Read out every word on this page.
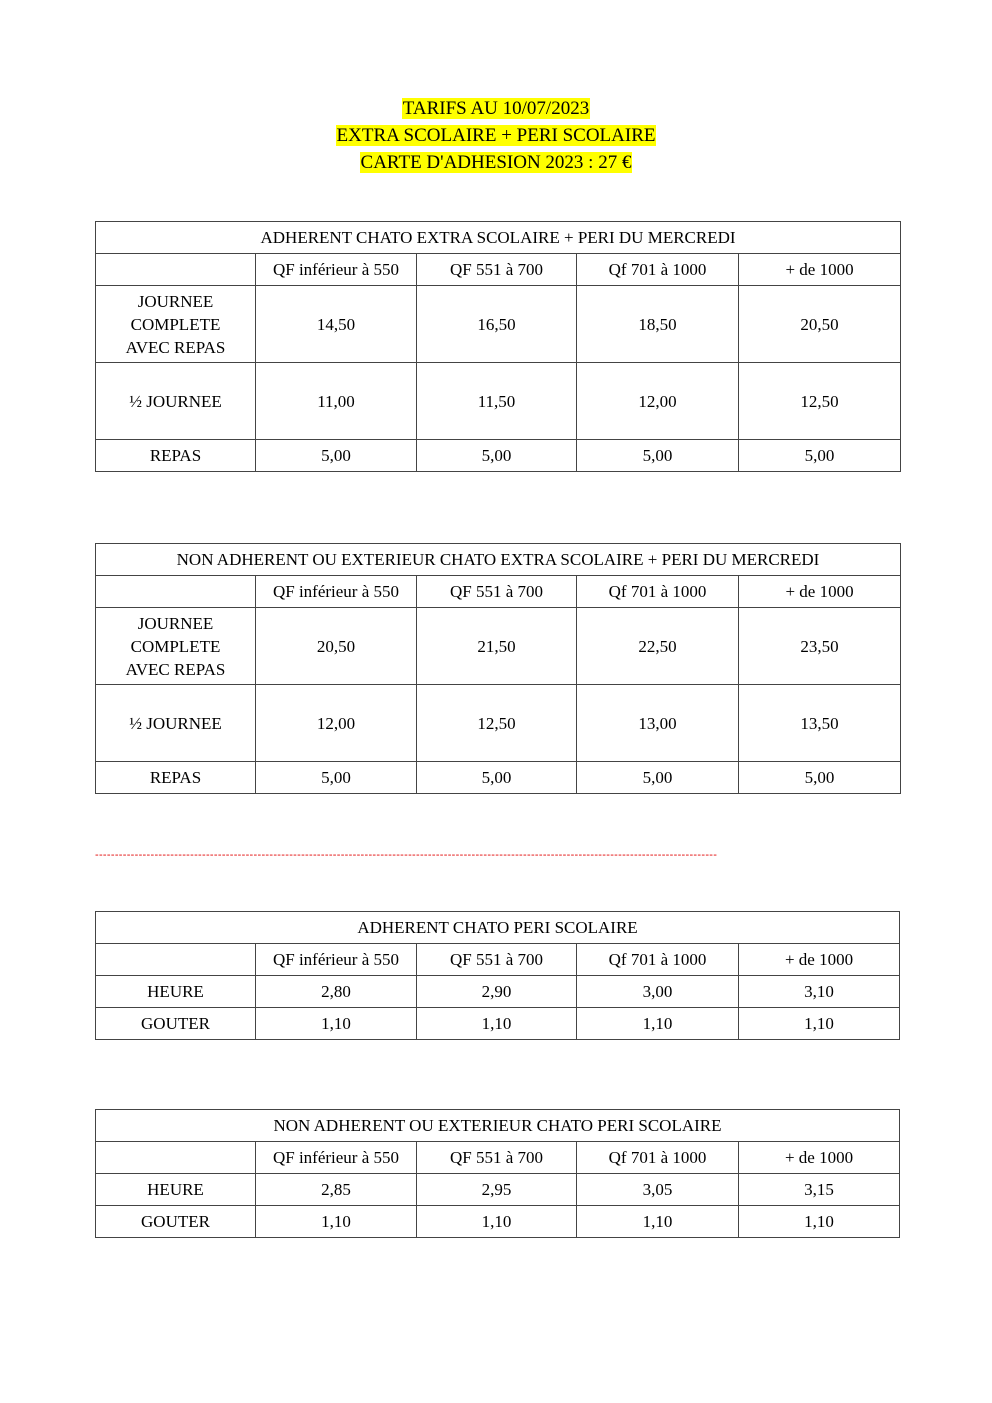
TARIFS AU 10/07/2023
EXTRA SCOLAIRE + PERI SCOLAIRE
CARTE D'ADHESION 2023 : 27 €
ADHERENT CHATO EXTRA SCOLAIRE + PERI DU MERCREDI				
	QF inférieur à 550	QF 551 à 700	Qf 701 à 1000	+ de 1000
JOURNEE COMPLETE AVEC REPAS	14,50	16,50	18,50	20,50
½ JOURNEE	11,00	11,50	12,00	12,50
REPAS	5,00	5,00	5,00	5,00
NON ADHERENT OU EXTERIEUR CHATO EXTRA SCOLAIRE + PERI DU MERCREDI				
	QF inférieur à 550	QF 551 à 700	Qf 701 à 1000	+ de 1000
JOURNEE COMPLETE AVEC REPAS	20,50	21,50	22,50	23,50
½ JOURNEE	12,00	12,50	13,00	13,50
REPAS	5,00	5,00	5,00	5,00
-------------------------------------------------------------------------------------------------------------------------------------------------------------
ADHERENT CHATO PERI SCOLAIRE				
	QF inférieur à 550	QF 551 à 700	Qf 701 à 1000	+ de 1000
HEURE	2,80	2,90	3,00	3,10
GOUTER	1,10	1,10	1,10	1,10
NON ADHERENT OU EXTERIEUR CHATO PERI SCOLAIRE				
	QF inférieur à 550	QF 551 à 700	Qf 701 à 1000	+ de 1000
HEURE	2,85	2,95	3,05	3,15
GOUTER	1,10	1,10	1,10	1,10
